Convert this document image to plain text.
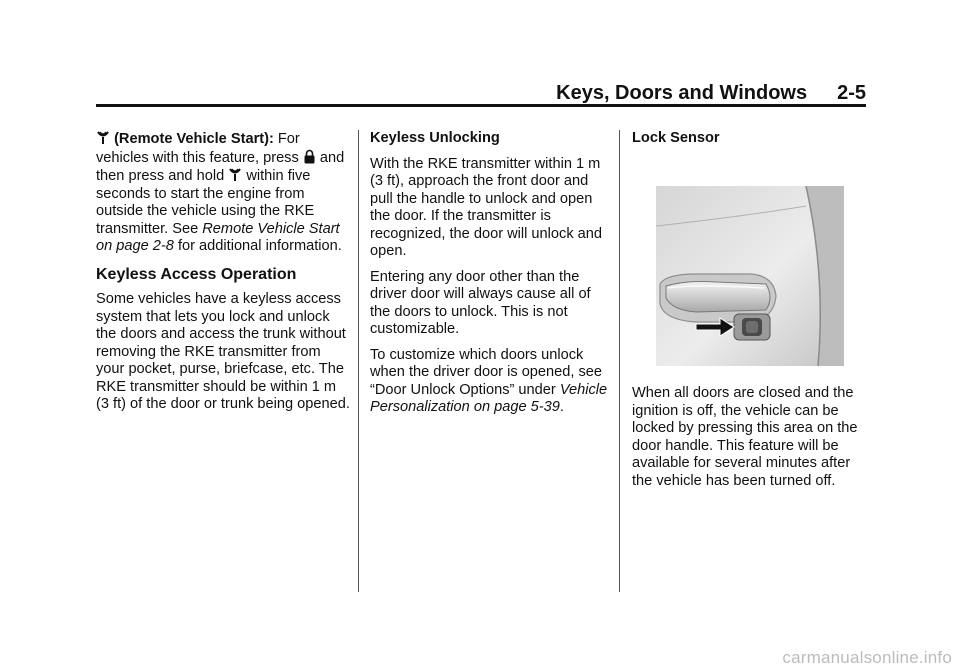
Keys, Doors and Windows 2-5

(Remote Vehicle Start): For vehicles with this feature, press and then press and hold within five seconds to start the engine from outside the vehicle using the RKE transmitter. See Remote Vehicle Start on page 2-8 for additional information.

Keyless Access Operation

Some vehicles have a keyless access system that lets you lock and unlock the doors and access the trunk without removing the RKE transmitter from your pocket, purse, briefcase, etc. The RKE transmitter should be within 1 m (3 ft) of the door or trunk being opened.

Keyless Unlocking

With the RKE transmitter within 1 m (3 ft), approach the front door and pull the handle to unlock and open the door. If the transmitter is recognized, the door will unlock and open.

Entering any door other than the driver door will always cause all of the doors to unlock. This is not customizable.

To customize which doors unlock when the driver door is opened, see “Door Unlock Options” under Vehicle Personalization on page 5-39.

Lock Sensor

When all doors are closed and the ignition is off, the vehicle can be locked by pressing this area on the door handle. This feature will be available for several minutes after the vehicle has been turned off.

carmanualsonline.info
